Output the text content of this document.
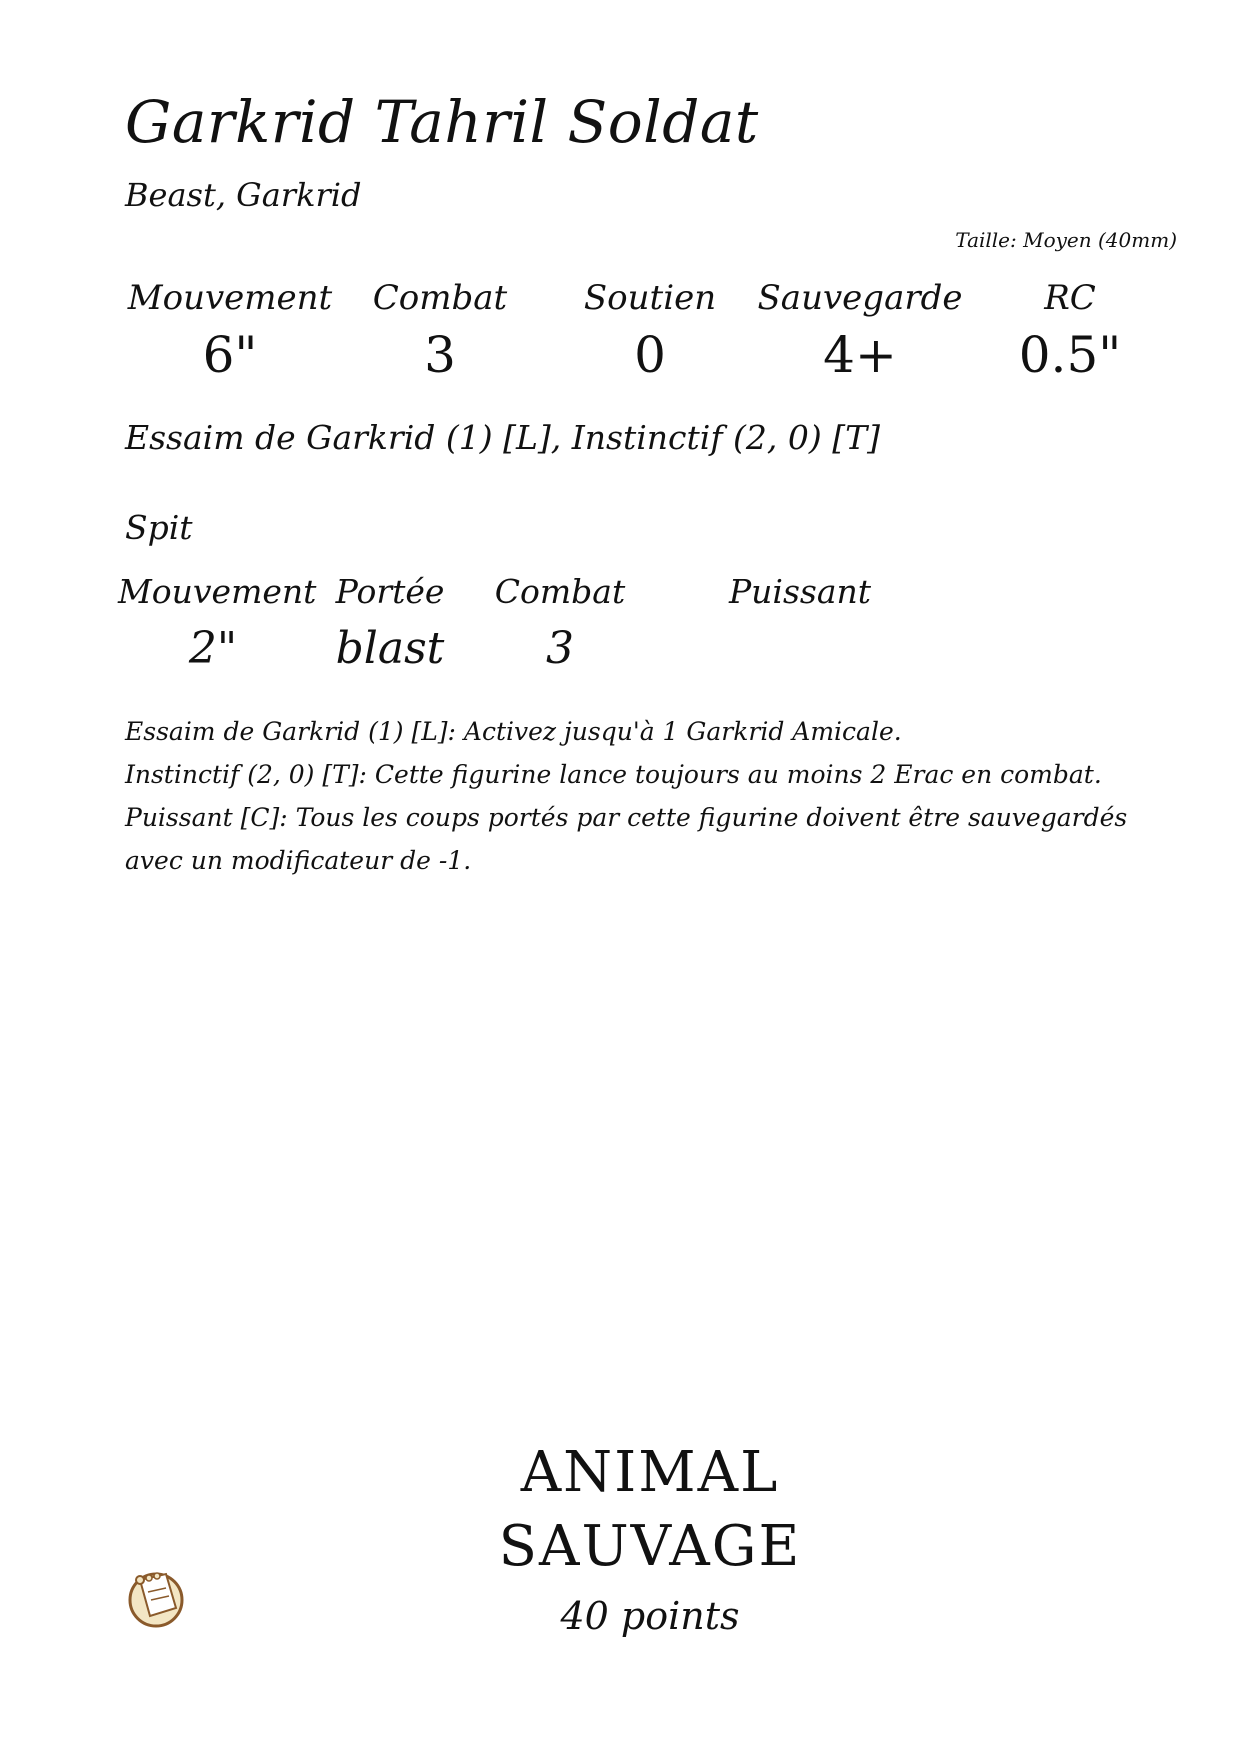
Garkrid Tahril Soldat
Beast, Garkrid
Taille: Moyen (40mm)
Mouvement
6"
Combat
3
Soutien
0
Sauvegarde
4+
RC
0.5"
Essaim de Garkrid (1) [L], Instinctif (2, 0) [T]
Spit
Mouvement
2"
Portée
blast
Combat
3
Puissant
Essaim de Garkrid (1) [L]: Activez jusqu'à 1 Garkrid Amicale.
Instinctif (2, 0) [T]: Cette figurine lance toujours au moins 2 Erac en combat.
Puissant [C]: Tous les coups portés par cette figurine doivent être sauvegardés
avec un modificateur de -1.
ANIMAL
SAUVAGE
40 points
